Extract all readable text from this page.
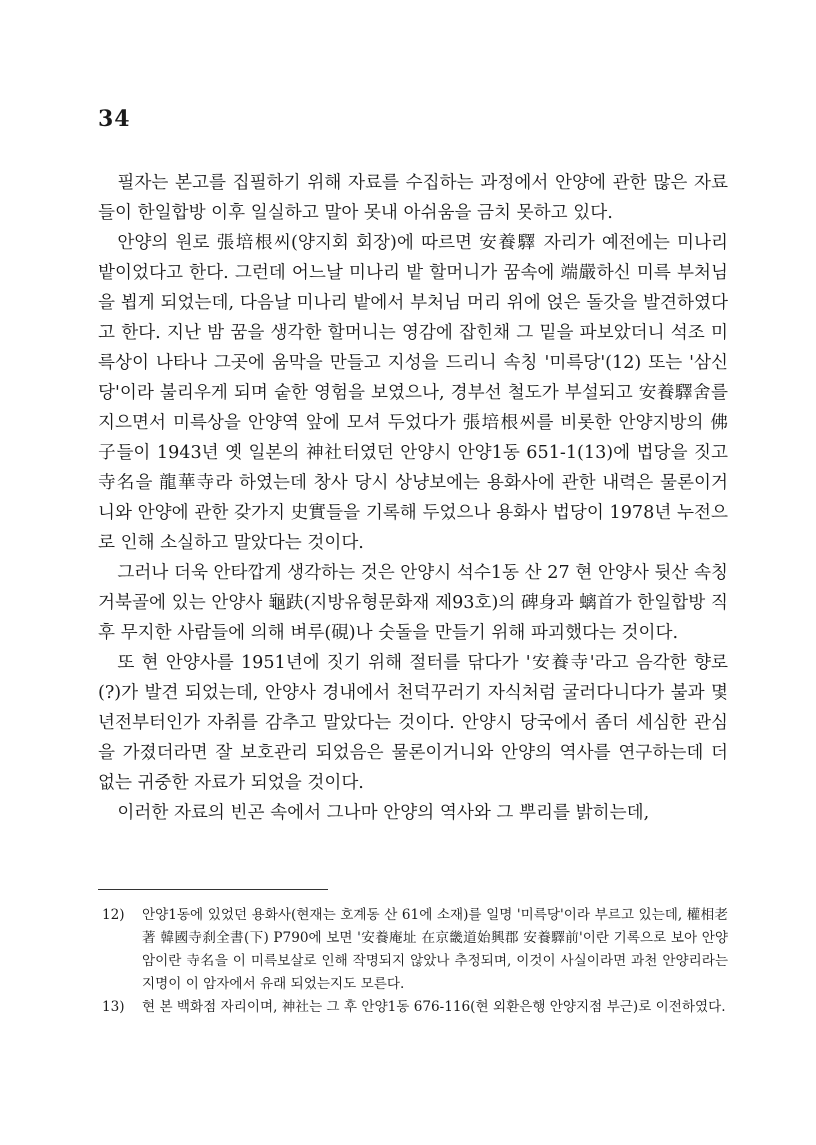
34

필자는 본고를 집필하기 위해 자료를 수집하는 과정에서 안양에 관한 많은 자료들이 한일합방 이후 일실하고 말아 못내 아쉬움을 금치 못하고 있다.

안양의 원로 張培根씨(양지회 회장)에 따르면 安養驛 자리가 예전에는 미나리 밭이었다고 한다. 그런데 어느날 미나리 밭 할머니가 꿈속에 端嚴하신 미륵 부처님을 뵙게 되었는데, 다음날 미나리 밭에서 부처님 머리 위에 얹은 돌갓을 발견하였다고 한다. 지난 밤 꿈을 생각한 할머니는 영감에 잡힌채 그 밑을 파보았더니 석조 미륵상이 나타나 그곳에 움막을 만들고 지성을 드리니 속칭 '미륵당'(12) 또는 '삼신당'이라 불리우게 되며 숱한 영험을 보였으나, 경부선 철도가 부설되고 安養驛舍를 지으면서 미륵상을 안양역 앞에 모셔 두었다가 張培根씨를 비롯한 안양지방의 佛子들이 1943년 옛 일본의 神社터였던 안양시 안양1동 651-1(13)에 법당을 짓고 寺名을 龍華寺라 하였는데 창사 당시 상냥보에는 용화사에 관한 내력은 물론이거니와 안양에 관한 갖가지 史實들을 기록해 두었으나 용화사 법당이 1978년 누전으로 인해 소실하고 말았다는 것이다.

그러나 더욱 안타깝게 생각하는 것은 안양시 석수1동 산 27 현 안양사 뒷산 속칭 거북골에 있는 안양사 龜趺(지방유형문화재 제93호)의 碑身과 螭首가 한일합방 직후 무지한 사람들에 의해 벼루(硯)나 숫돌을 만들기 위해 파괴했다는 것이다.

또 현 안양사를 1951년에 짓기 위해 절터를 닦다가 '安養寺'라고 음각한 향로(?)가 발견 되었는데, 안양사 경내에서 천덕꾸러기 자식처럼 굴러다니다가 불과 몇년전부터인가 자취를 감추고 말았다는 것이다. 안양시 당국에서 좀더 세심한 관심을 가졌더라면 잘 보호관리 되었음은 물론이거니와 안양의 역사를 연구하는데 더 없는 귀중한 자료가 되었을 것이다.

이러한 자료의 빈곤 속에서 그나마 안양의 역사와 그 뿌리를 밝히는데,

12)	안양1동에 있었던 용화사(현재는 호계동 산 61에 소재)를 일명 '미륵당'이라 부르고 있는데, 權相老 著 韓國寺刹全書(下) P790에 보면 '安養庵址 在京畿道始興郡 安養驛前'이란 기록으로 보아 안양암이란 寺名을 이 미륵보살로 인해 작명되지 않았나 추정되며, 이것이 사실이라면 과천 안양리라는 지명이 이 암자에서 유래 되었는지도 모른다.
13)	현 본 백화점 자리이며, 神社는 그 후 안양1동 676-116(현 외환은행 안양지점 부근)로 이전하였다.
